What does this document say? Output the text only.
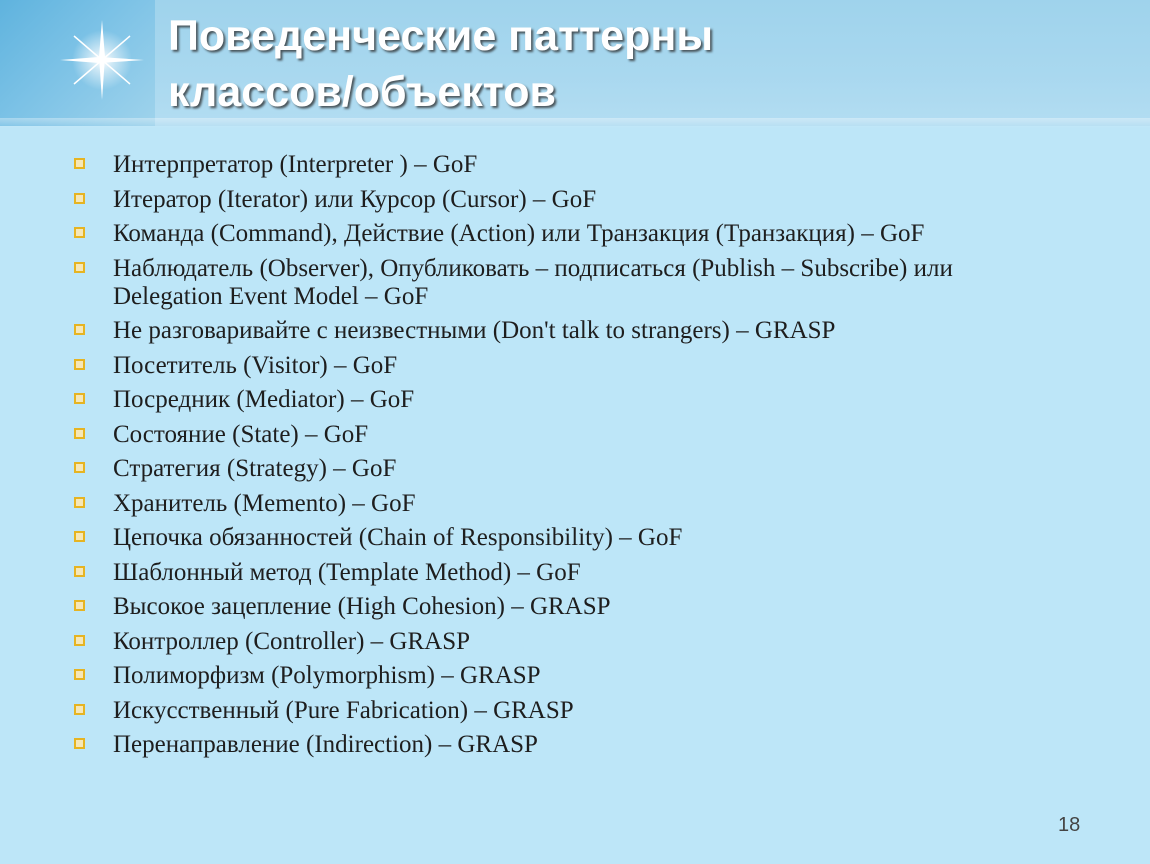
Поведенческие паттерны
классов/объектов
Интерпретатор (Interpreter ) – GoF
Итератор (Iterator) или Курсор (Cursor) – GoF
Команда (Command), Действие (Action) или Транзакция (Транзакция) – GoF
Наблюдатель (Observer), Опубликовать – подписаться (Publish – Subscribe) или
Delegation Event Model – GoF
Не разговаривайте с неизвестными (Don't talk to strangers) – GRASP
Посетитель (Visitor) – GoF
Посредник (Mediator) – GoF
Состояние (State) – GoF
Стратегия (Strategy) – GoF
Хранитель (Memento) – GoF
Цепочка обязанностей (Chain of Responsibility) – GoF
Шаблонный метод (Template Method) – GoF
Высокое зацепление (High Cohesion) – GRASP
Контроллер (Controller) – GRASP
Полиморфизм (Polymorphism) – GRASP
Искусственный (Pure Fabrication) – GRASP
Перенаправление (Indirection) – GRASP
18
